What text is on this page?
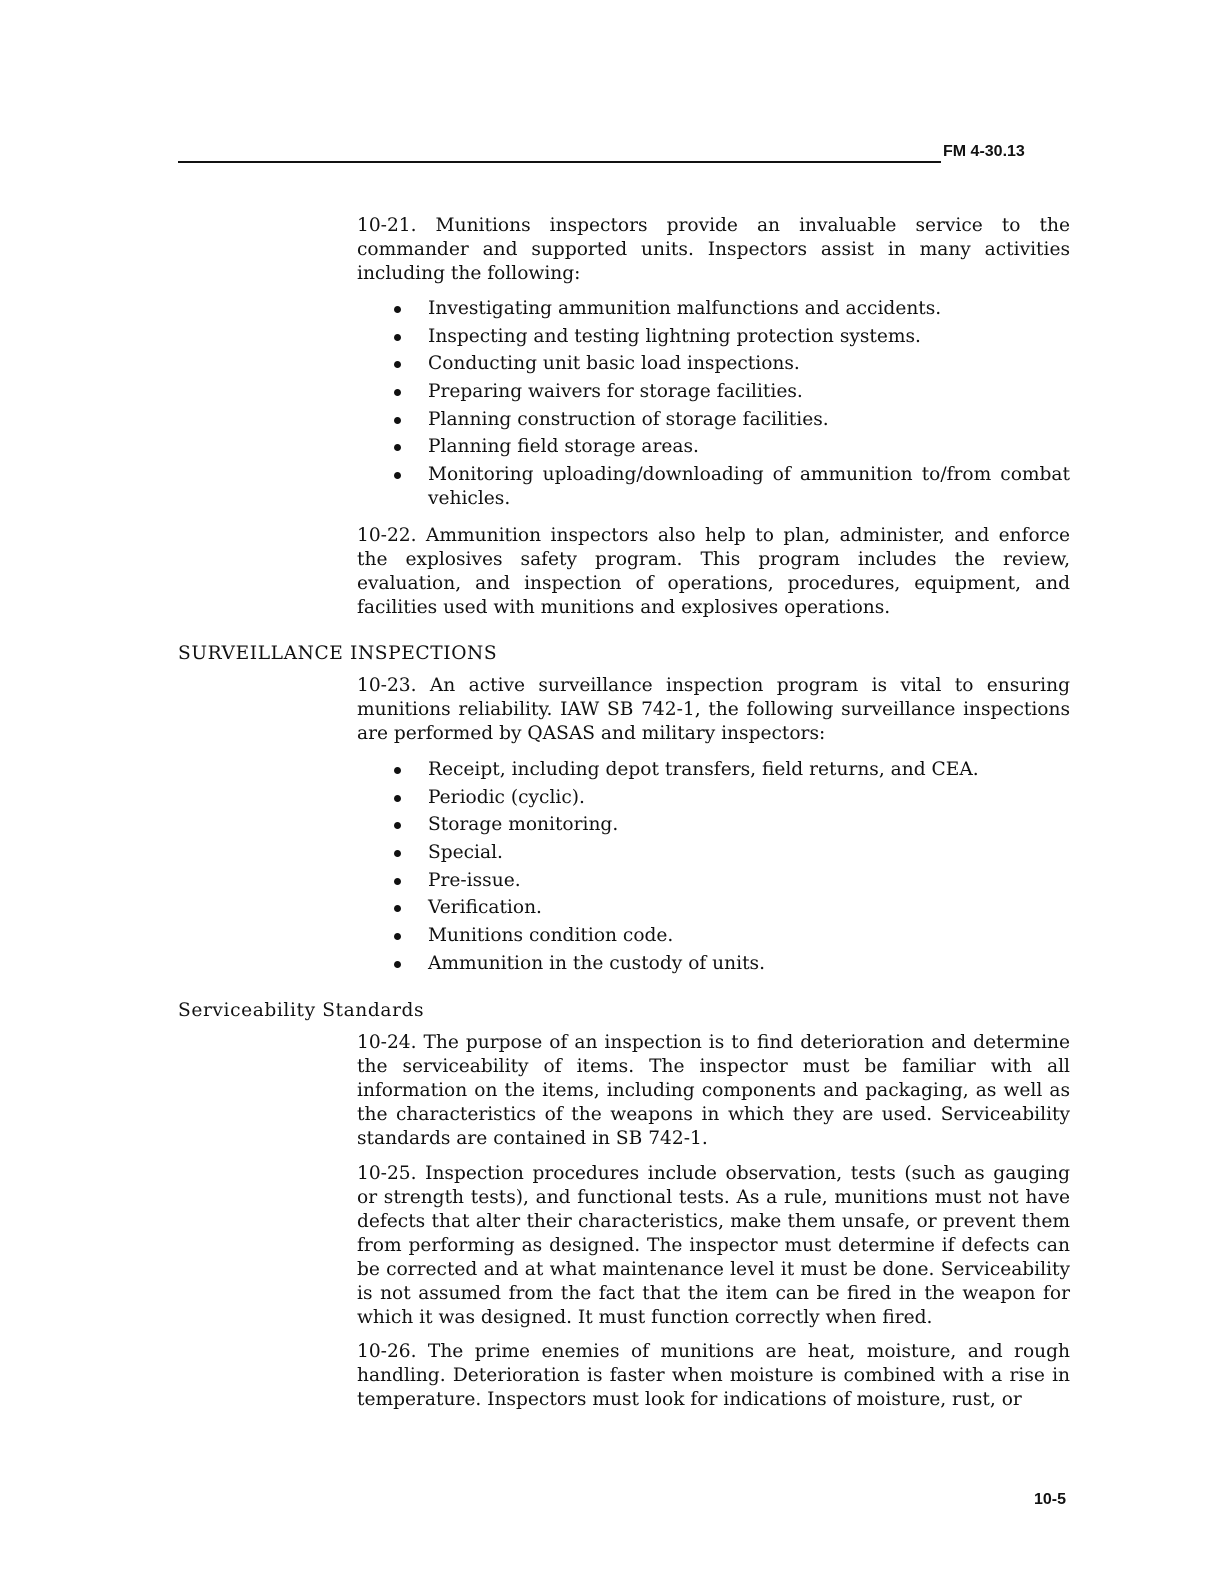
FM 4-30.13

10-21. Munitions inspectors provide an invaluable service to the commander and supported units. Inspectors assist in many activities including the following:

Investigating ammunition malfunctions and accidents.
Inspecting and testing lightning protection systems.
Conducting unit basic load inspections.
Preparing waivers for storage facilities.
Planning construction of storage facilities.
Planning field storage areas.
Monitoring uploading/downloading of ammunition to/from combat vehicles.

10-22. Ammunition inspectors also help to plan, administer, and enforce the explosives safety program. This program includes the review, evaluation, and inspection of operations, procedures, equipment, and facilities used with munitions and explosives operations.

SURVEILLANCE INSPECTIONS

10-23. An active surveillance inspection program is vital to ensuring munitions reliability. IAW SB 742-1, the following surveillance inspections are performed by QASAS and military inspectors:

Receipt, including depot transfers, field returns, and CEA.
Periodic (cyclic).
Storage monitoring.
Special.
Pre-issue.
Verification.
Munitions condition code.
Ammunition in the custody of units.
Serviceability Standards

10-24. The purpose of an inspection is to find deterioration and determine the serviceability of items. The inspector must be familiar with all information on the items, including components and packaging, as well as the characteristics of the weapons in which they are used. Serviceability standards are contained in SB 742-1.

10-25. Inspection procedures include observation, tests (such as gauging or strength tests), and functional tests. As a rule, munitions must not have defects that alter their characteristics, make them unsafe, or prevent them from performing as designed. The inspector must determine if defects can be corrected and at what maintenance level it must be done. Serviceability is not assumed from the fact that the item can be fired in the weapon for which it was designed. It must function correctly when fired.

10-26. The prime enemies of munitions are heat, moisture, and rough handling. Deterioration is faster when moisture is combined with a rise in temperature. Inspectors must look for indications of moisture, rust, or

10-5
